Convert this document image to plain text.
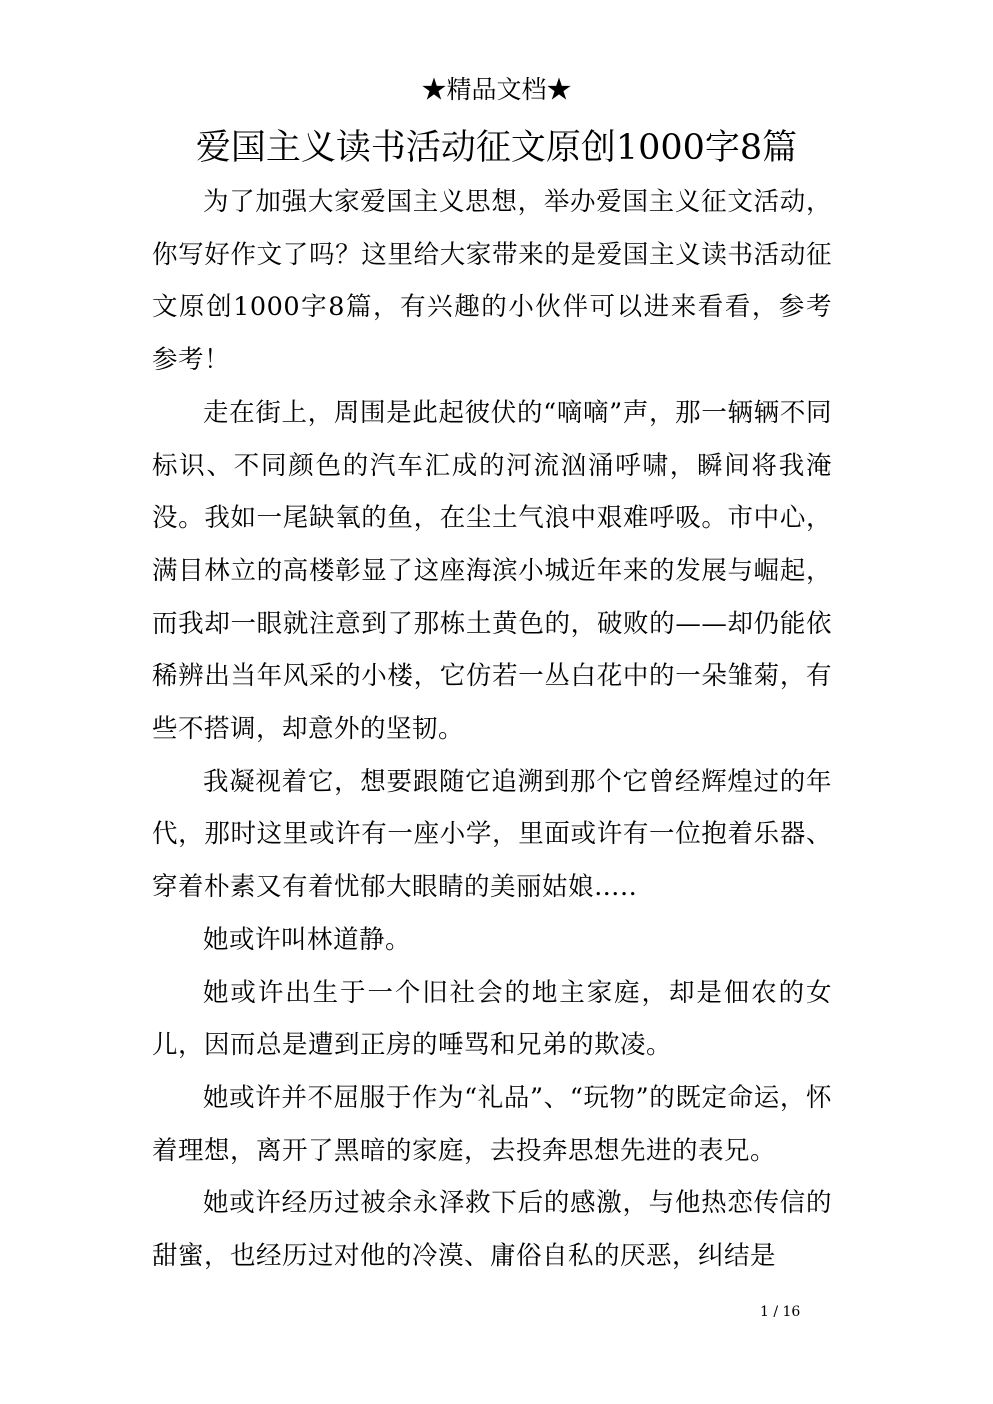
★精品文档★
爱国主义读书活动征文原创1000字8篇

为了加强大家爱国主义思想，举办爱国主义征文活动，你写好作文了吗？这里给大家带来的是爱国主义读书活动征文原创1000字8篇，有兴趣的小伙伴可以进来看看，参考参考！

走在街上，周围是此起彼伏的“嘀嘀”声，那一辆辆不同标识、不同颜色的汽车汇成的河流汹涌呼啸，瞬间将我淹没。我如一尾缺氧的鱼，在尘土气浪中艰难呼吸。市中心，满目林立的高楼彰显了这座海滨小城近年来的发展与崛起，而我却一眼就注意到了那栋土黄色的，破败的——却仍能依稀辨出当年风采的小楼，它仿若一丛白花中的一朵雏菊，有些不搭调，却意外的坚韧。

我凝视着它，想要跟随它追溯到那个它曾经辉煌过的年代，那时这里或许有一座小学，里面或许有一位抱着乐器、穿着朴素又有着忧郁大眼睛的美丽姑娘…..

她或许叫林道静。

她或许出生于一个旧社会的地主家庭，却是佃农的女儿，因而总是遭到正房的唾骂和兄弟的欺凌。

她或许并不屈服于作为“礼品”、“玩物”的既定命运，怀着理想，离开了黑暗的家庭，去投奔思想先进的表兄。

她或许经历过被余永泽救下后的感激，与他热恋传信的甜蜜，也经历过对他的冷漠、庸俗自私的厌恶，纠结是

1 / 16
